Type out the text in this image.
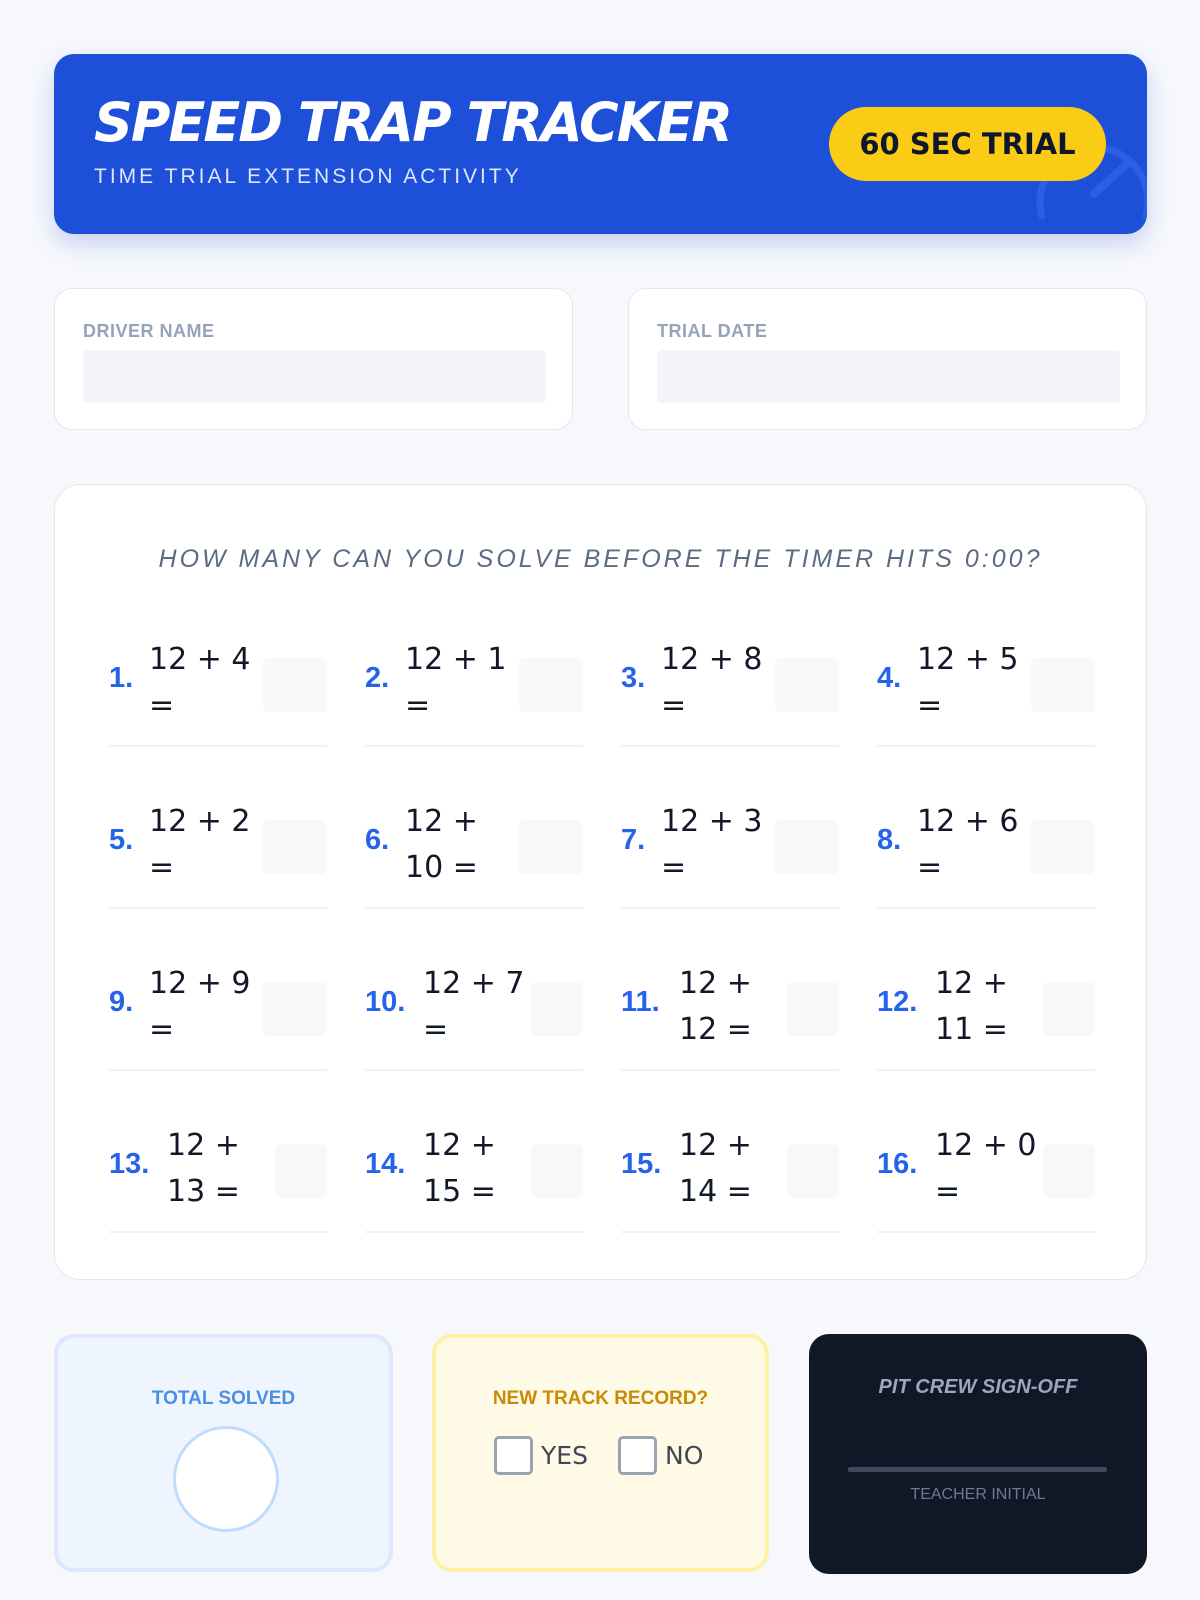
SPEED TRAP TRACKER
TIME TRIAL EXTENSION ACTIVITY
60 SEC TRIAL
DRIVER NAME	TRIAL DATE
HOW MANY CAN YOU SOLVE BEFORE THE TIMER HITS 0:00?
1.
12 + 4 =
2.
12 + 1 =
3.
12 + 8 =
4.
12 + 5 =
5.
12 + 2 =
6.
12 + 10 =
7.
12 + 3 =
8.
12 + 6 =
9.
12 + 9 =
10.
12 + 7 =
11.
12 + 12 =
12.
12 + 11 =
13.
12 + 13 =
14.
12 + 15 =
15.
12 + 14 =
16.
12 + 0 =
TOTAL SOLVED	NEW TRACK RECORD?
YES	NO
PIT CREW SIGN-OFF
TEACHER INITIAL
